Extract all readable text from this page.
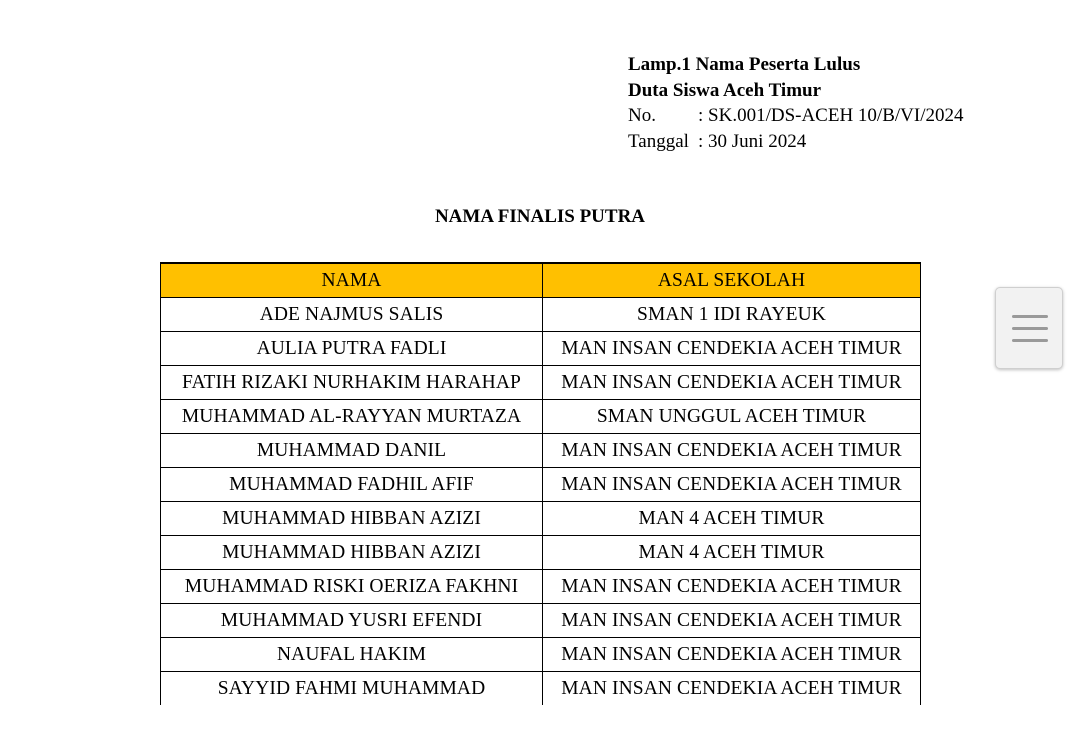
Lamp.1 Nama Peserta Lulus
Duta Siswa Aceh Timur
No.	: SK.001/DS-ACEH 10/B/VI/2024
Tanggal : 30 Juni 2024
NAMA FINALIS PUTRA
NAMA	ASAL SEKOLAH
ADE NAJMUS SALIS	SMAN 1 IDI RAYEUK
AULIA PUTRA FADLI	MAN INSAN CENDEKIA ACEH TIMUR
FATIH RIZAKI NURHAKIM HARAHAP	MAN INSAN CENDEKIA ACEH TIMUR
MUHAMMAD AL-RAYYAN MURTAZA	SMAN UNGGUL ACEH TIMUR
MUHAMMAD DANIL	MAN INSAN CENDEKIA ACEH TIMUR
MUHAMMAD FADHIL AFIF	MAN INSAN CENDEKIA ACEH TIMUR
MUHAMMAD HIBBAN AZIZI	MAN 4 ACEH TIMUR
MUHAMMAD HIBBAN AZIZI	MAN 4 ACEH TIMUR
MUHAMMAD RISKI OERIZA FAKHNI	MAN INSAN CENDEKIA ACEH TIMUR
MUHAMMAD YUSRI EFENDI	MAN INSAN CENDEKIA ACEH TIMUR
NAUFAL HAKIM	MAN INSAN CENDEKIA ACEH TIMUR
SAYYID FAHMI MUHAMMAD	MAN INSAN CENDEKIA ACEH TIMUR
